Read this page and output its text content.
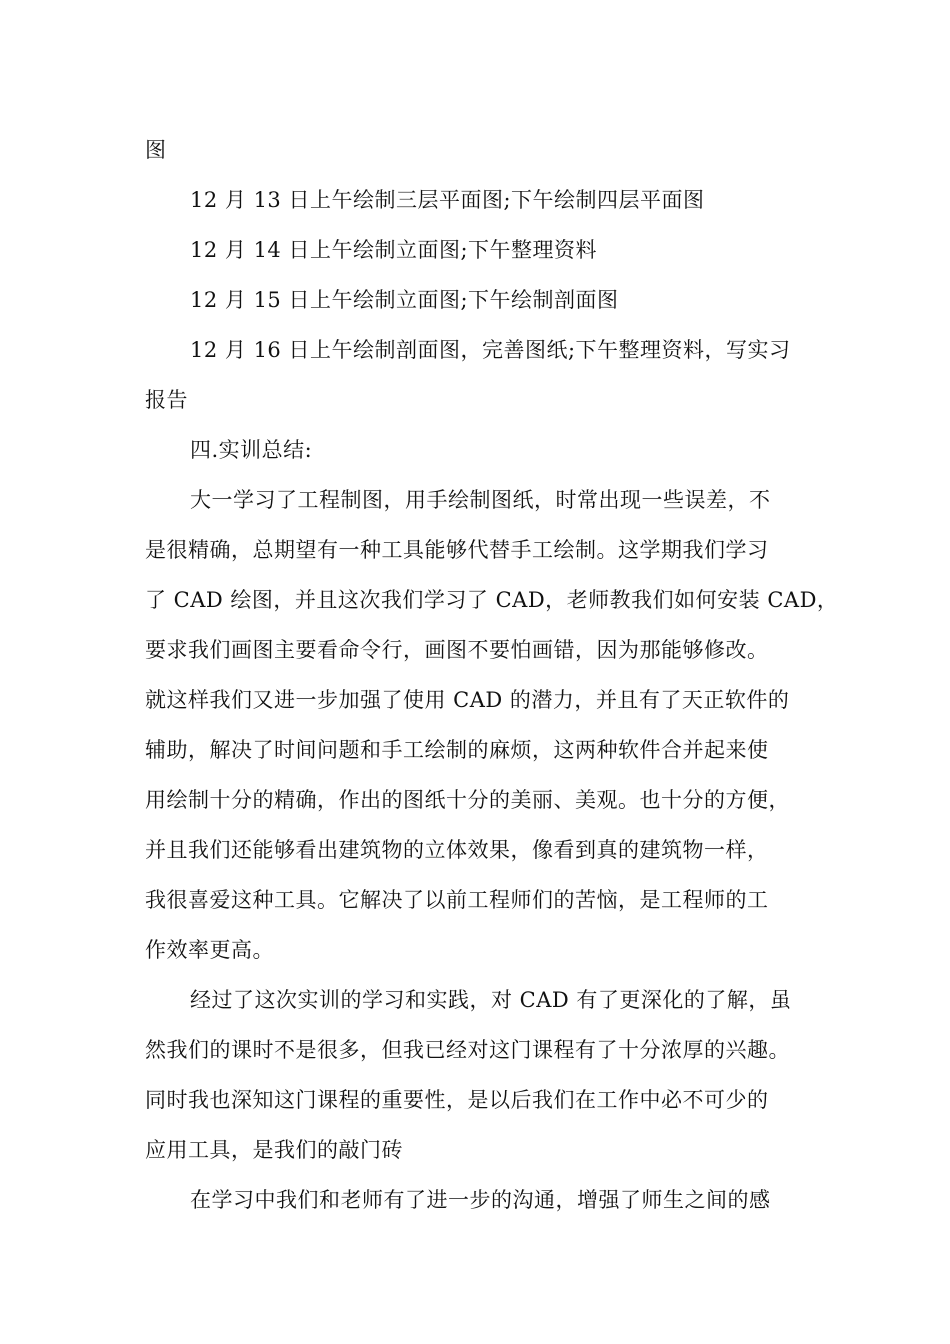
图
12 月 13 日上午绘制三层平面图;下午绘制四层平面图
12 月 14 日上午绘制立面图;下午整理资料
12 月 15 日上午绘制立面图;下午绘制剖面图
12 月 16 日上午绘制剖面图，完善图纸;下午整理资料，写实习
报告
四.实训总结:
大一学习了工程制图，用手绘制图纸，时常出现一些误差，不
是很精确，总期望有一种工具能够代替手工绘制。这学期我们学习
了 CAD 绘图，并且这次我们学习了 CAD，老师教我们如何安装 CAD，
要求我们画图主要看命令行，画图不要怕画错，因为那能够修改。
就这样我们又进一步加强了使用 CAD 的潜力，并且有了天正软件的
辅助，解决了时间问题和手工绘制的麻烦，这两种软件合并起来使
用绘制十分的精确，作出的图纸十分的美丽、美观。也十分的方便，
并且我们还能够看出建筑物的立体效果，像看到真的建筑物一样，
我很喜爱这种工具。它解决了以前工程师们的苦恼，是工程师的工
作效率更高。
经过了这次实训的学习和实践，对 CAD 有了更深化的了解，虽
然我们的课时不是很多，但我已经对这门课程有了十分浓厚的兴趣。
同时我也深知这门课程的重要性，是以后我们在工作中必不可少的
应用工具，是我们的敲门砖
在学习中我们和老师有了进一步的沟通，增强了师生之间的感
